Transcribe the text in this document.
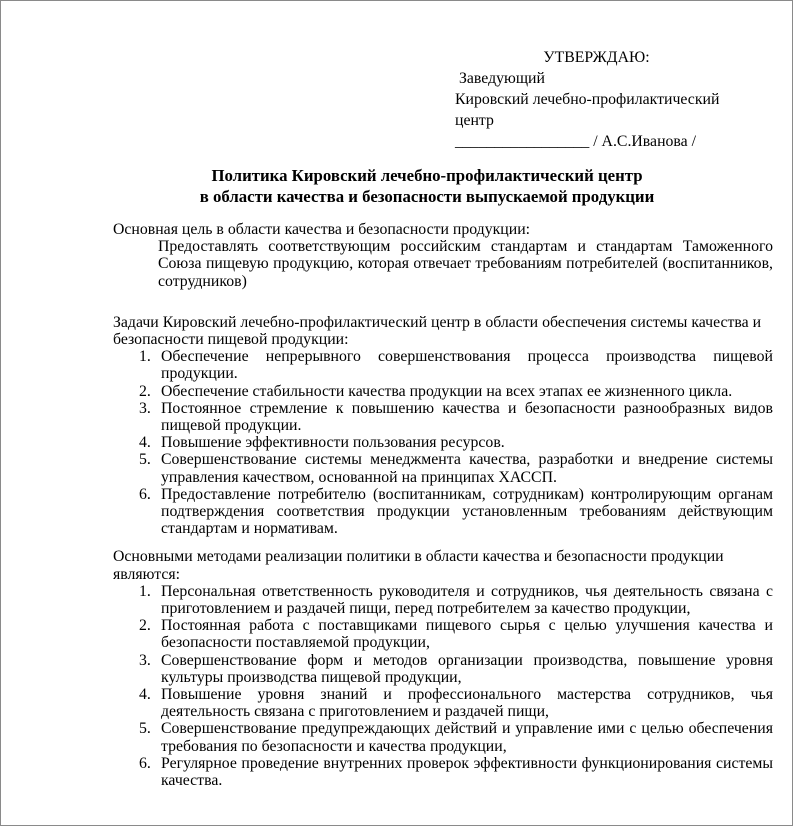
УТВЕРЖДАЮ:
Заведующий
Кировский лечебно-профилактический
центр
_________________ / А.С.Иванова /
Политика Кировский лечебно-профилактический центр
в области качества и безопасности выпускаемой продукции
Основная цель в области качества и безопасности продукции:
Предоставлять соответствующим российским стандартам и стандартам Таможенного Союза пищевую продукцию, которая отвечает требованиям потребителей (воспитанников, сотрудников)
Задачи Кировский лечебно-профилактический центр в области обеспечения системы качества и безопасности пищевой продукции:
1. Обеспечение непрерывного совершенствования процесса производства пищевой продукции.
2. Обеспечение стабильности качества продукции на всех этапах ее жизненного цикла.
3. Постоянное стремление к повышению качества и безопасности разнообразных видов пищевой продукции.
4. Повышение эффективности пользования ресурсов.
5. Совершенствование системы менеджмента качества, разработки и внедрение системы управления качеством, основанной на принципах ХАССП.
6. Предоставление потребителю (воспитанникам, сотрудникам) контролирующим органам подтверждения соответствия продукции установленным требованиям действующим стандартам и нормативам.
Основными методами реализации политики в области качества и безопасности продукции являются:
1. Персональная ответственность руководителя и сотрудников, чья деятельность связана с приготовлением и раздачей пищи, перед потребителем за качество продукции,
2. Постоянная работа с поставщиками пищевого сырья с целью улучшения качества и безопасности поставляемой продукции,
3. Совершенствование форм и методов организации производства, повышение уровня культуры производства пищевой продукции,
4. Повышение уровня знаний и профессионального мастерства сотрудников, чья деятельность связана с приготовлением и раздачей пищи,
5. Совершенствование предупреждающих действий и управление ими с целью обеспечения требования по безопасности и качества продукции,
6. Регулярное проведение внутренних проверок эффективности функционирования системы качества.
